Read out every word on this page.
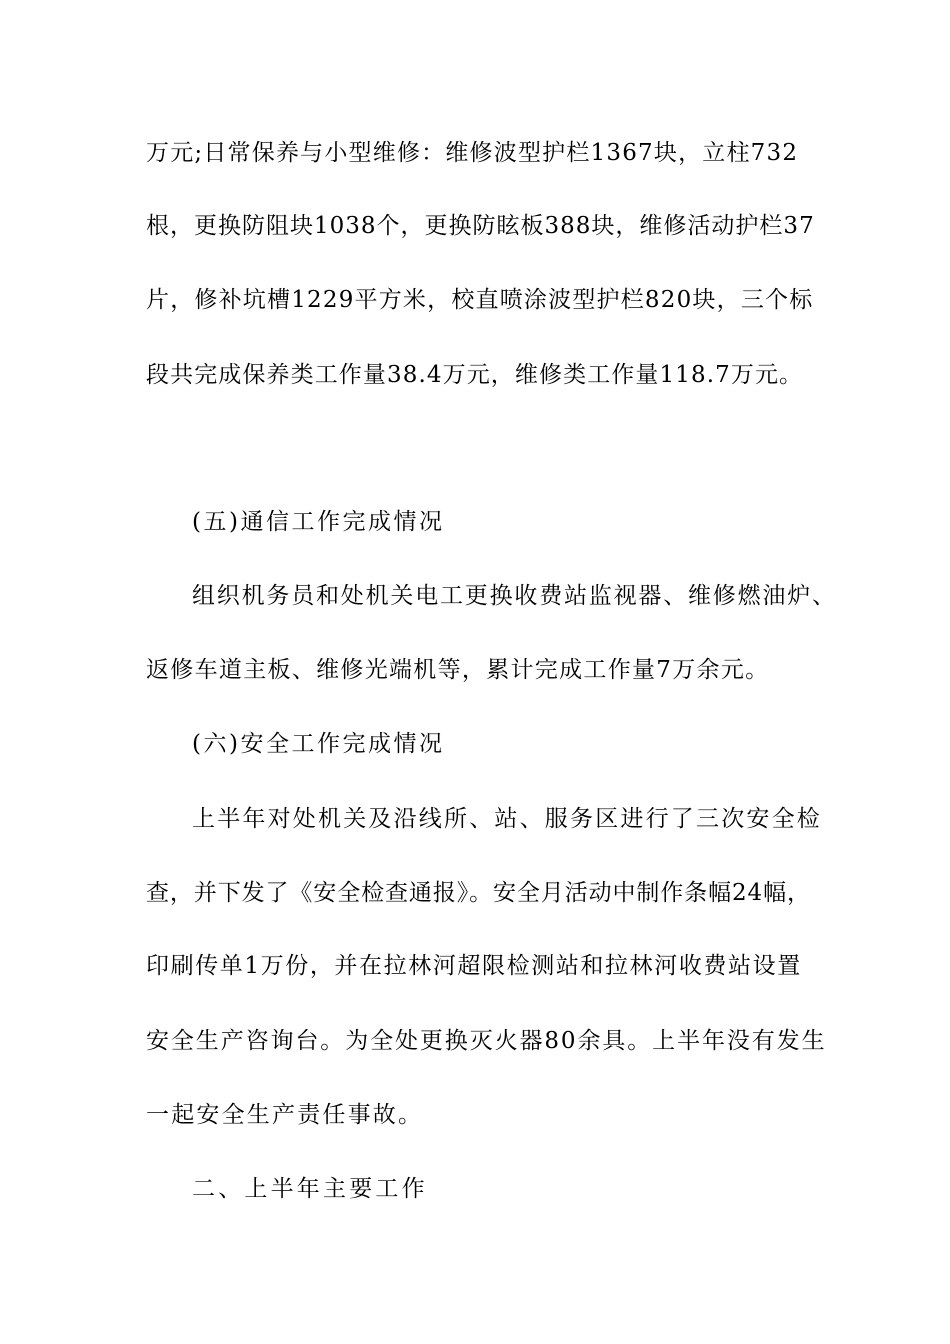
万元;日常保养与小型维修：维修波型护栏1367块，立柱732

根，更换防阻块1038个，更换防眩板388块，维修活动护栏37

片，修补坑槽1229平方米，校直喷涂波型护栏820块，三个标

段共完成保养类工作量38.4万元，维修类工作量118.7万元。

(五)通信工作完成情况

组织机务员和处机关电工更换收费站监视器、维修燃油炉、

返修车道主板、维修光端机等，累计完成工作量7万余元。

(六)安全工作完成情况

上半年对处机关及沿线所、站、服务区进行了三次安全检

查，并下发了《安全检查通报》。安全月活动中制作条幅24幅，

印刷传单1万份，并在拉林河超限检测站和拉林河收费站设置

安全生产咨询台。为全处更换灭火器80余具。上半年没有发生

一起安全生产责任事故。

二、上半年主要工作
